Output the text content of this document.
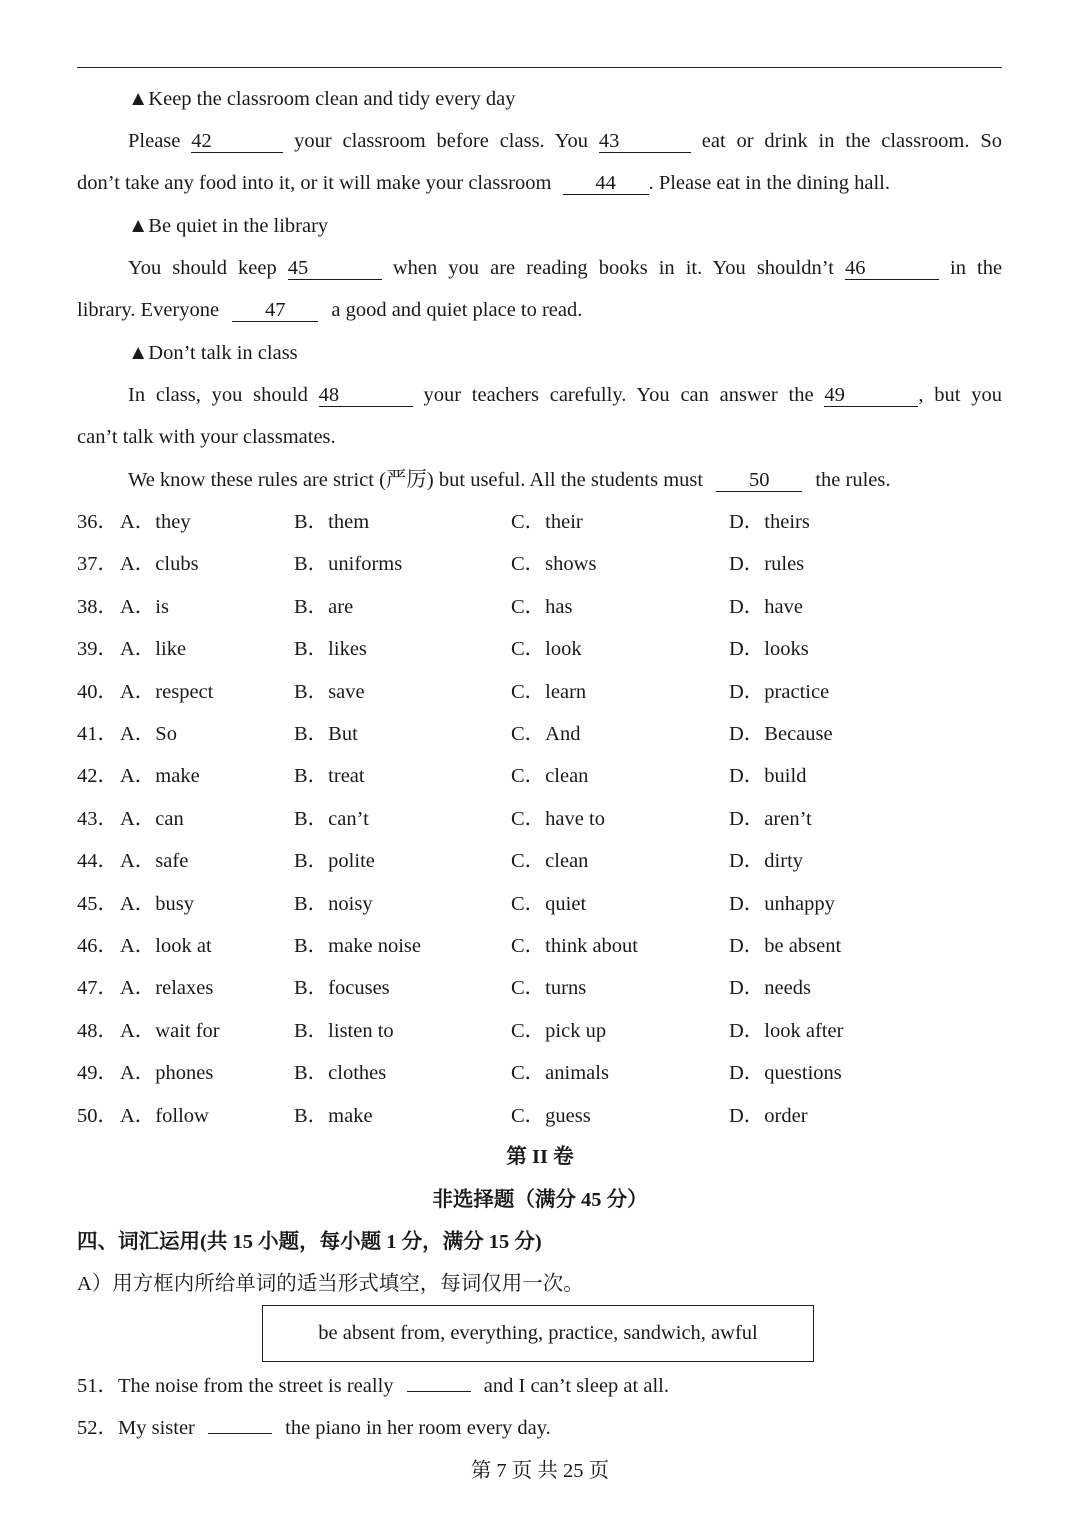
▲Keep the classroom clean and tidy every day
Please 42	your classroom before class. You 43	eat or drink in the classroom. So
don’t take any food into it, or it will make your classroom 44 . Please eat in the dining hall.
▲Be quiet in the library
You should keep 45	when you are reading books in it. You shouldn’t 46	in the
library. Everyone 47 a good and quiet place to read.
▲Don’t talk in class
In class, you should 48	your teachers carefully. You can answer the 49	, but you
can’t talk with your classmates.
We know these rules are strict (严厉) but useful. All the students must 50 the rules.
36． A．they	B．them	C．their	D．theirs
37． A．clubs	B．uniforms	C．shows	D．rules
38． A．is	B．are	C．has	D．have
39． A．like	B．likes	C．look	D．looks
40． A．respect	B．save	C．learn	D．practice
41． A．So	B．But	C．And	D．Because
42． A．make	B．treat	C．clean	D．build
43． A．can	B．can’t	C．have to	D．aren’t
44． A．safe	B．polite	C．clean	D．dirty
45． A．busy	B．noisy	C．quiet	D．unhappy
46． A．look at	B．make noise	C．think about	D．be absent
47． A．relaxes	B．focuses	C．turns	D．needs
48． A．wait for	B．listen to	C．pick up	D．look after
49． A．phones	B．clothes	C．animals	D．questions
50． A．follow	B．make	C．guess	D．order
第 II 卷
非选择题（满分 45 分）
四、词汇运用(共 15 小题，每小题 1 分，满分 15 分)
A）用方框内所给单词的适当形式填空，每词仅用一次。
be absent from, everything, practice, sandwich, awful
51．The noise from the street is really	and I can’t sleep at all.
52．My sister	the piano in her room every day.
第 7 页 共 25 页
